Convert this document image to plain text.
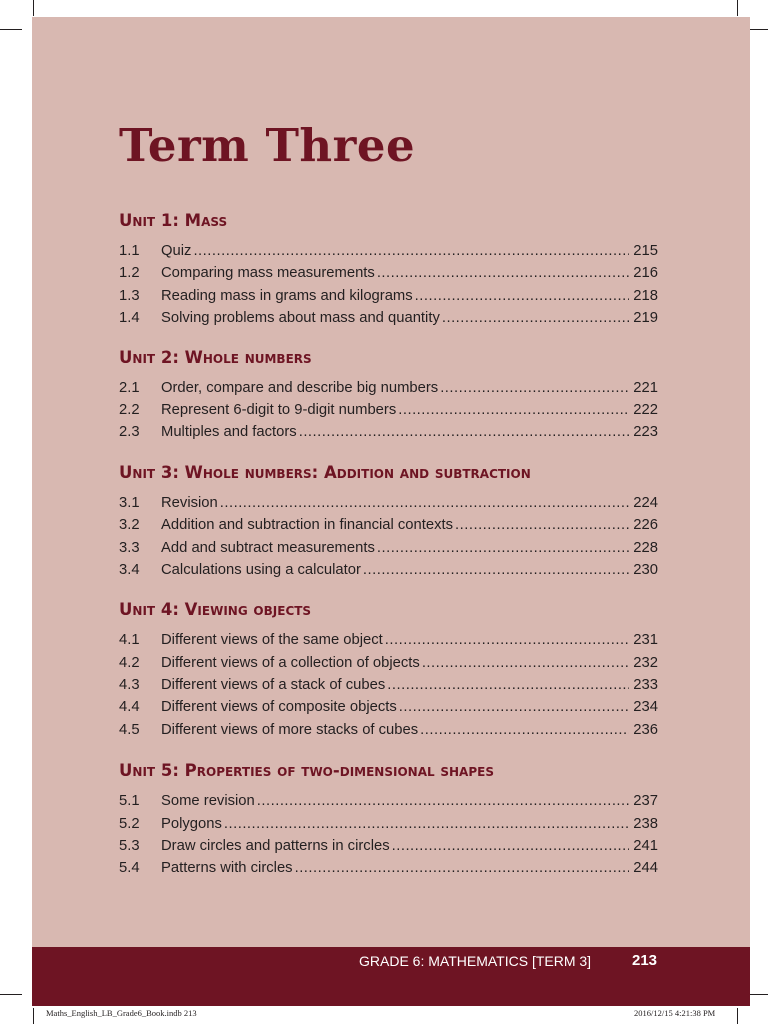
Term Three
Unit 1: Mass
1.1	Quiz .....	215
1.2	Comparing mass measurements .....	216
1.3	Reading mass in grams and kilograms .....	218
1.4	Solving problems about mass and quantity .....	219
Unit 2: Whole numbers
2.1	Order, compare and describe big numbers .....	221
2.2	Represent 6-digit to 9-digit numbers .....	222
2.3	Multiples and factors .....	223
Unit 3: Whole numbers: Addition and subtraction
3.1	Revision .....	224
3.2	Addition and subtraction in financial contexts .....	226
3.3	Add and subtract measurements .....	228
3.4	Calculations using a calculator .....	230
Unit 4: Viewing objects
4.1	Different views of the same object .....	231
4.2	Different views of a collection of objects .....	232
4.3	Different views of a stack of cubes .....	233
4.4	Different views of composite objects .....	234
4.5	Different views of more stacks of cubes .....	236
Unit 5: Properties of two-dimensional shapes
5.1	Some revision .....	237
5.2	Polygons .....	238
5.3	Draw circles and patterns in circles .....	241
5.4	Patterns with circles .....	244
GRADE 6: MATHEMATICS [TERM 3]	213
Maths_English_LB_Grade6_Book.indb 213	2016/12/15 4:21:38 PM
